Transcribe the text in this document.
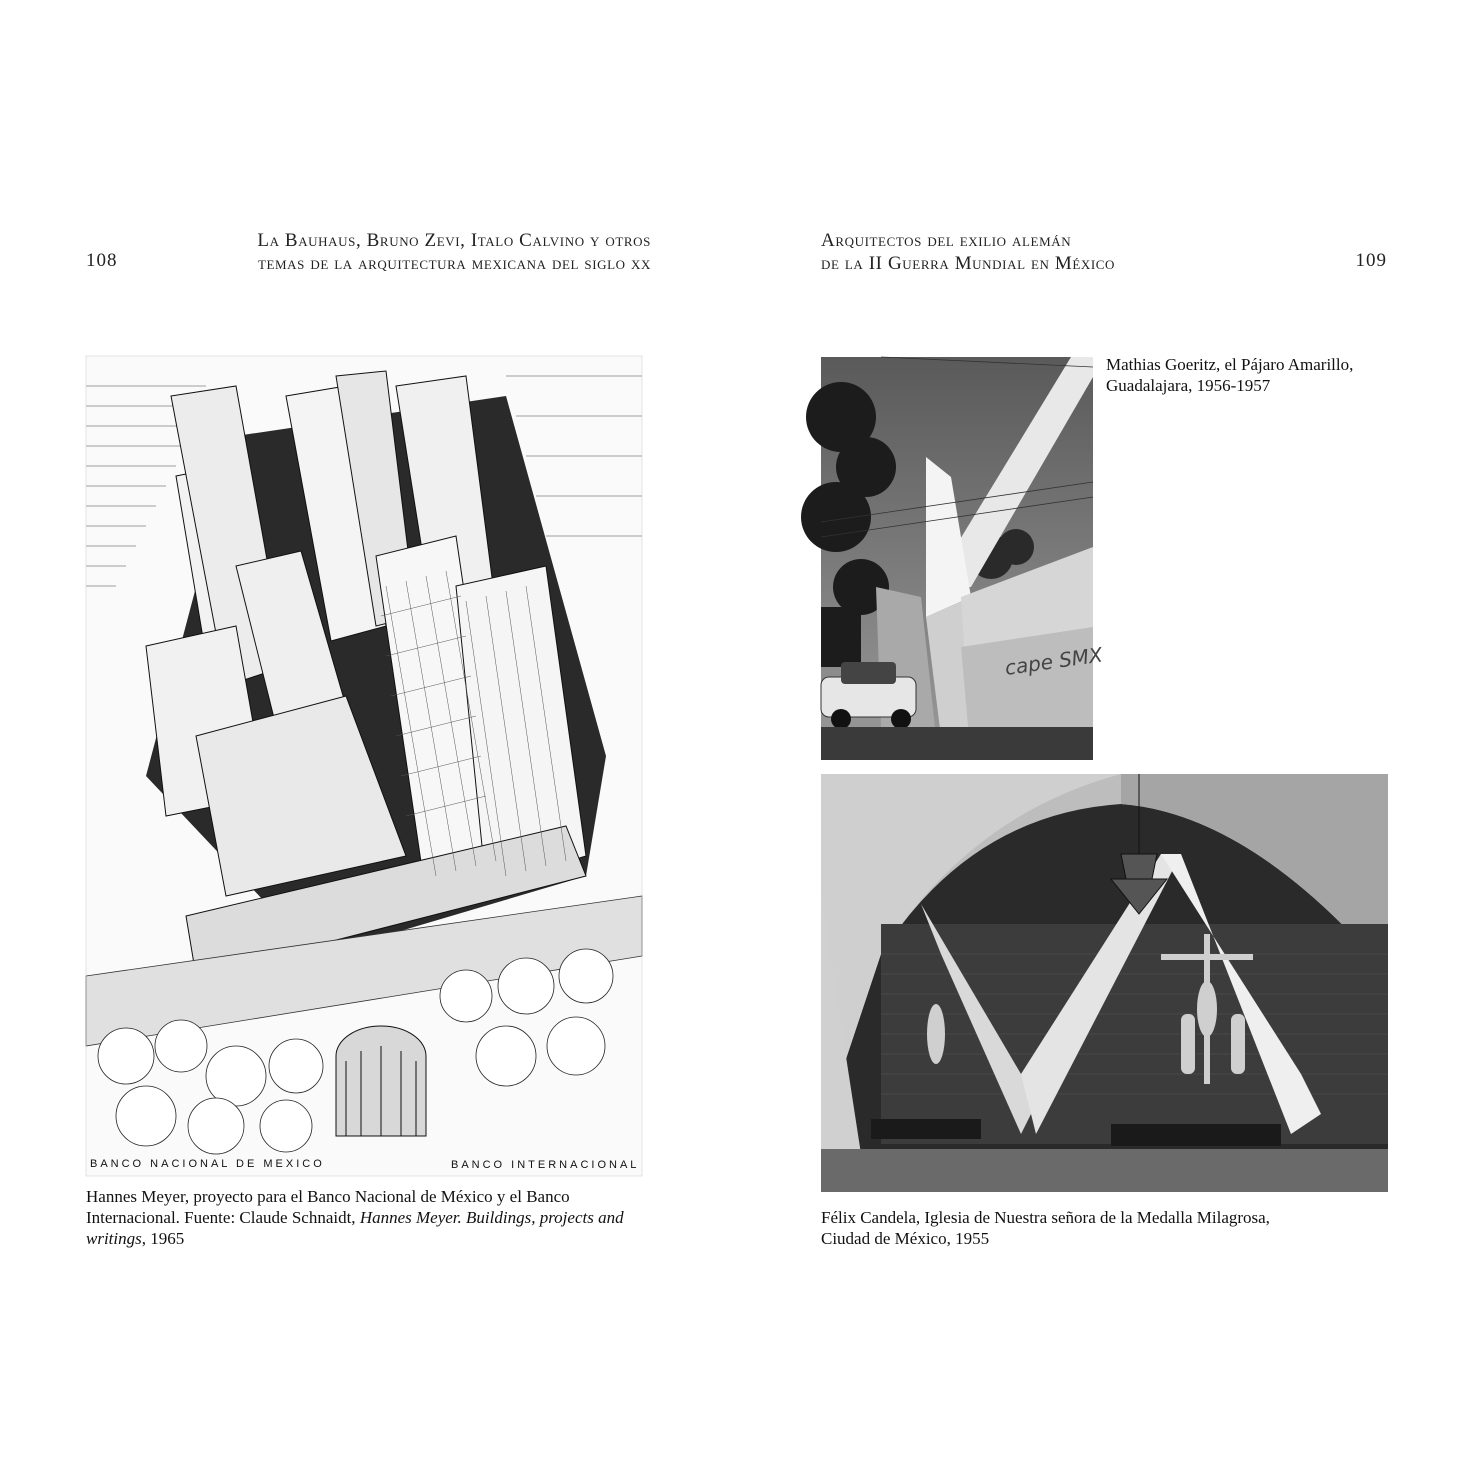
108
La Bauhaus, Bruno Zevi, Italo Calvino y otros
temas de la arquitectura mexicana del siglo xx
BANCO NACIONAL DE MEXICO	BANCO INTERNACIONAL
Hannes Meyer, proyecto para el Banco Nacional de México y el Banco Internacional. Fuente: Claude Schnaidt, Hannes Meyer. Buildings, projects and writings, 1965
Arquitectos del exilio alemán
de la II Guerra Mundial en México	109
cape SMX
Mathias Goeritz, el Pájaro Amarillo,
Guadalajara, 1956-1957
Félix Candela, Iglesia de Nuestra señora de la Medalla Milagrosa,
Ciudad de México, 1955
